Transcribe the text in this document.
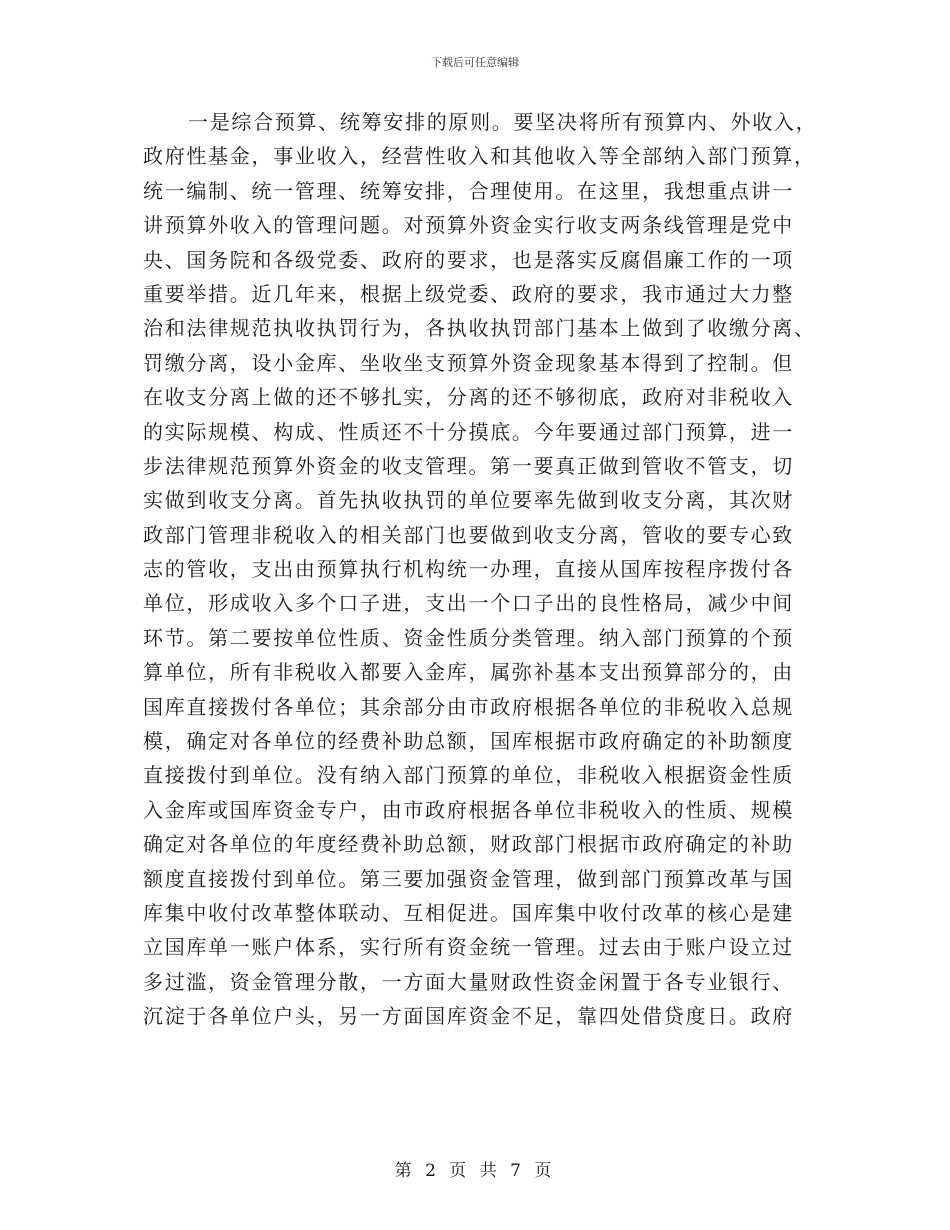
下载后可任意编辑
一是综合预算、统筹安排的原则。要坚决将所有预算内、外收入，
政府性基金，事业收入，经营性收入和其他收入等全部纳入部门预算，
统一编制、统一管理、统筹安排，合理使用。在这里，我想重点讲一
讲预算外收入的管理问题。对预算外资金实行收支两条线管理是党中
央、国务院和各级党委、政府的要求，也是落实反腐倡廉工作的一项
重要举措。近几年来，根据上级党委、政府的要求，我市通过大力整
治和法律规范执收执罚行为，各执收执罚部门基本上做到了收缴分离、
罚缴分离，设小金库、坐收坐支预算外资金现象基本得到了控制。但
在收支分离上做的还不够扎实，分离的还不够彻底，政府对非税收入
的实际规模、构成、性质还不十分摸底。今年要通过部门预算，进一
步法律规范预算外资金的收支管理。第一要真正做到管收不管支，切
实做到收支分离。首先执收执罚的单位要率先做到收支分离，其次财
政部门管理非税收入的相关部门也要做到收支分离，管收的要专心致
志的管收，支出由预算执行机构统一办理，直接从国库按程序拨付各
单位，形成收入多个口子进，支出一个口子出的良性格局，减少中间
环节。第二要按单位性质、资金性质分类管理。纳入部门预算的个预
算单位，所有非税收入都要入金库，属弥补基本支出预算部分的，由
国库直接拨付各单位；其余部分由市政府根据各单位的非税收入总规
模，确定对各单位的经费补助总额，国库根据市政府确定的补助额度
直接拨付到单位。没有纳入部门预算的单位，非税收入根据资金性质
入金库或国库资金专户，由市政府根据各单位非税收入的性质、规模
确定对各单位的年度经费补助总额，财政部门根据市政府确定的补助
额度直接拨付到单位。第三要加强资金管理，做到部门预算改革与国
库集中收付改革整体联动、互相促进。国库集中收付改革的核心是建
立国库单一账户体系，实行所有资金统一管理。过去由于账户设立过
多过滥，资金管理分散，一方面大量财政性资金闲置于各专业银行、
沉淀于各单位户头，另一方面国库资金不足，靠四处借贷度日。政府
第 2 页 共 7 页
